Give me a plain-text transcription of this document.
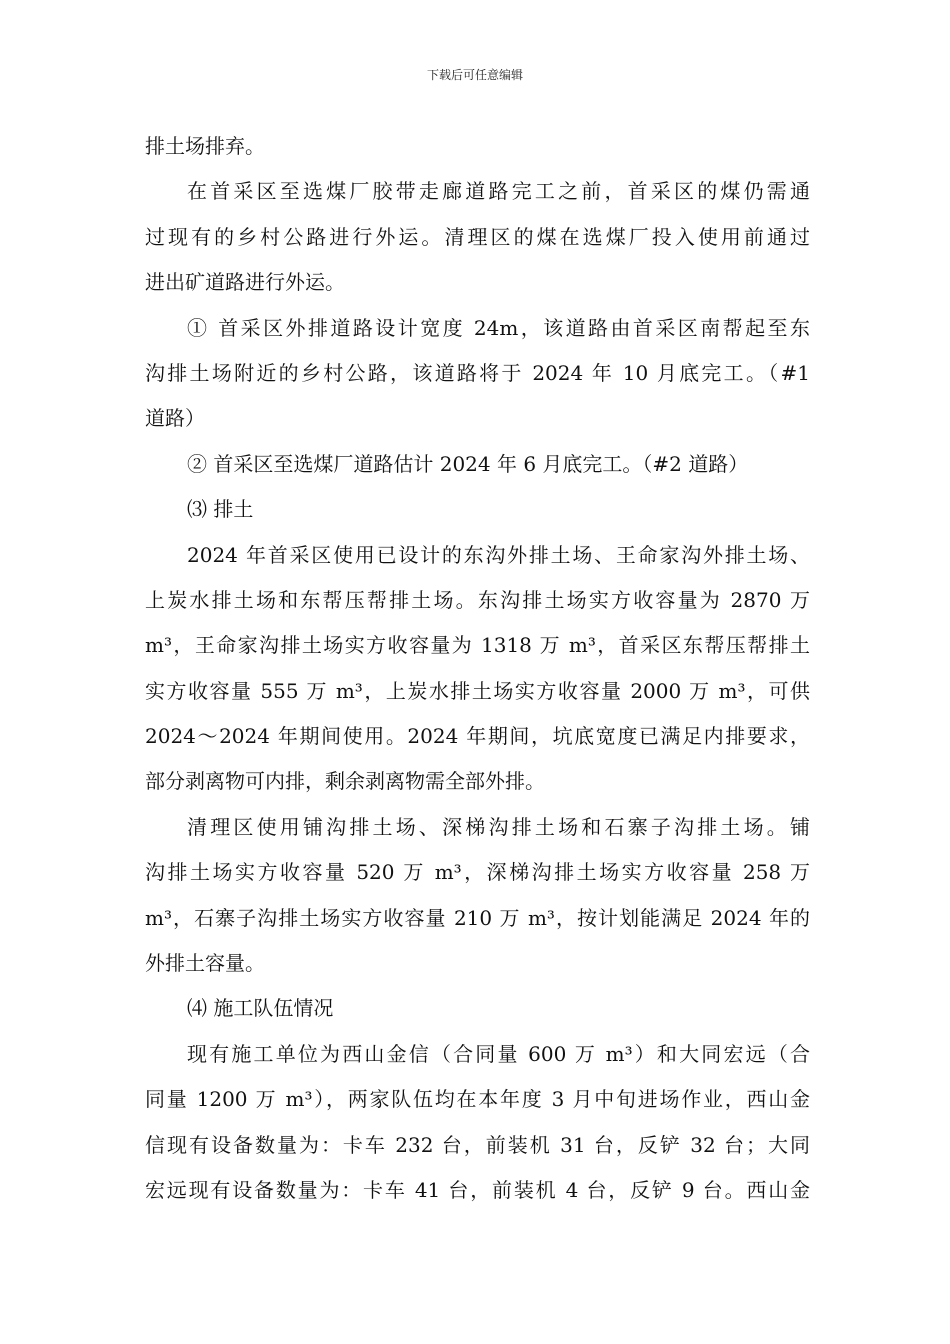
下载后可任意编辑
排土场排弃。
在首采区至选煤厂胶带走廊道路完工之前，首采区的煤仍需通
过现有的乡村公路进行外运。清理区的煤在选煤厂投入使用前通过
进出矿道路进行外运。
① 首采区外排道路设计宽度 24m，该道路由首采区南帮起至东
沟排土场附近的乡村公路，该道路将于 2024 年 10 月底完工。（#1
道路）
② 首采区至选煤厂道路估计 2024 年 6 月底完工。（#2 道路）
⑶ 排土
2024 年首采区使用已设计的东沟外排土场、王命家沟外排土场、
上炭水排土场和东帮压帮排土场。东沟排土场实方收容量为 2870 万
m³，王命家沟排土场实方收容量为 1318 万 m³，首采区东帮压帮排土
实方收容量 555 万 m³，上炭水排土场实方收容量 2000 万 m³，可供
2024～2024 年期间使用。2024 年期间，坑底宽度已满足内排要求，
部分剥离物可内排，剩余剥离物需全部外排。
清理区使用铺沟排土场、深梯沟排土场和石寨子沟排土场。铺
沟排土场实方收容量 520 万 m³，深梯沟排土场实方收容量 258 万
m³，石寨子沟排土场实方收容量 210 万 m³，按计划能满足 2024 年的
外排土容量。
⑷ 施工队伍情况
现有施工单位为西山金信（合同量 600 万 m³）和大同宏远（合
同量 1200 万 m³），两家队伍均在本年度 3 月中旬进场作业，西山金
信现有设备数量为：卡车 232 台，前装机 31 台，反铲 32 台；大同
宏远现有设备数量为：卡车 41 台，前装机 4 台，反铲 9 台。西山金
